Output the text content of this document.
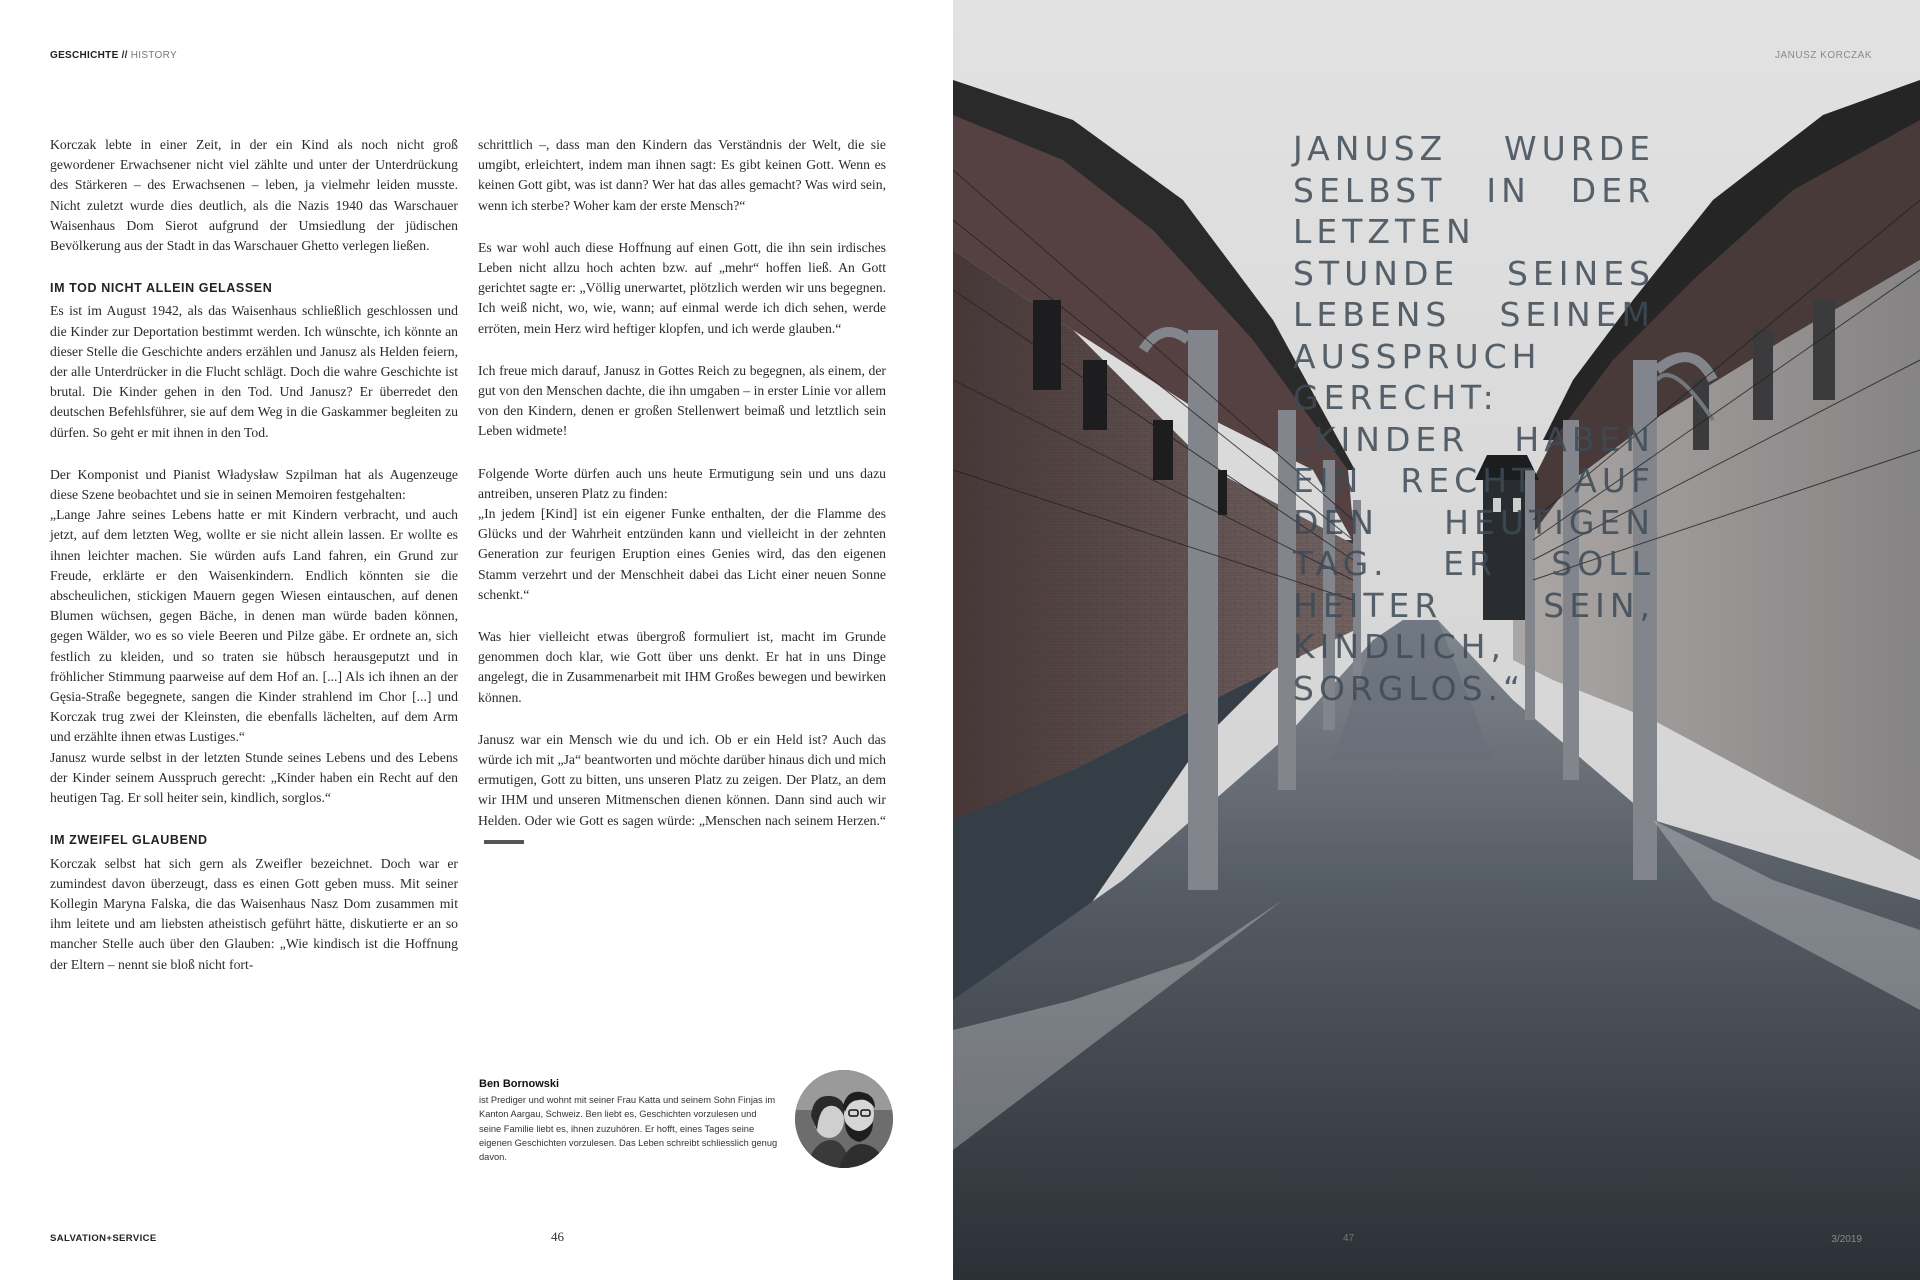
GESCHICHTE // HISTORY

Korczak lebte in einer Zeit, in der ein Kind als noch nicht groß gewordener Erwachsener nicht viel zählte und unter der Unterdrückung des Stärkeren – des Erwachsenen – leben, ja vielmehr leiden musste. Nicht zuletzt wurde dies deutlich, als die Nazis 1940 das Warschauer Waisenhaus Dom Sierot aufgrund der Umsiedlung der jüdischen Bevölkerung aus der Stadt in das Warschauer Ghetto verlegen ließen.

IM TOD NICHT ALLEIN GELASSEN

Es ist im August 1942, als das Waisenhaus schließlich geschlossen und die Kinder zur Deportation bestimmt werden. Ich wünschte, ich könnte an dieser Stelle die Geschichte anders erzählen und Janusz als Helden feiern, der alle Unterdrücker in die Flucht schlägt. Doch die wahre Geschichte ist brutal. Die Kinder gehen in den Tod. Und Janusz? Er überredet den deutschen Befehlsführer, sie auf dem Weg in die Gaskammer begleiten zu dürfen. So geht er mit ihnen in den Tod.

Der Komponist und Pianist Władysław Szpilman hat als Augenzeuge diese Szene beobachtet und sie in seinen Memoiren festgehalten:

„Lange Jahre seines Lebens hatte er mit Kindern verbracht, und auch jetzt, auf dem letzten Weg, wollte er sie nicht allein lassen. Er wollte es ihnen leichter machen. Sie würden aufs Land fahren, ein Grund zur Freude, erklärte er den Waisenkindern. Endlich könnten sie die abscheulichen, stickigen Mauern gegen Wiesen eintauschen, auf denen Blumen wüchsen, gegen Bäche, in denen man würde baden können, gegen Wälder, wo es so viele Beeren und Pilze gäbe. Er ordnete an, sich festlich zu kleiden, und so traten sie hübsch herausgeputzt und in fröhlicher Stimmung paarweise auf dem Hof an. [...] Als ich ihnen an der Gęsia-Straße begegnete, sangen die Kinder strahlend im Chor [...] und Korczak trug zwei der Kleinsten, die ebenfalls lächelten, auf dem Arm und erzählte ihnen etwas Lustiges.“

Janusz wurde selbst in der letzten Stunde seines Lebens und des Lebens der Kinder seinem Ausspruch gerecht: „Kinder haben ein Recht auf den heutigen Tag. Er soll heiter sein, kindlich, sorglos.“

IM ZWEIFEL GLAUBEND

Korczak selbst hat sich gern als Zweifler bezeichnet. Doch war er zumindest davon überzeugt, dass es einen Gott geben muss. Mit seiner Kollegin Maryna Falska, die das Waisenhaus Nasz Dom zusammen mit ihm leitete und am liebsten atheistisch geführt hätte, diskutierte er an so mancher Stelle auch über den Glauben: „Wie kindisch ist die Hoffnung der Eltern – nennt sie bloß nicht fort-

schrittlich –, dass man den Kindern das Verständnis der Welt, die sie umgibt, erleichtert, indem man ihnen sagt: Es gibt keinen Gott. Wenn es keinen Gott gibt, was ist dann? Wer hat das alles gemacht? Was wird sein, wenn ich sterbe? Woher kam der erste Mensch?“

Es war wohl auch diese Hoffnung auf einen Gott, die ihn sein irdisches Leben nicht allzu hoch achten bzw. auf „mehr“ hoffen ließ. An Gott gerichtet sagte er: „Völlig unerwartet, plötzlich werden wir uns begegnen. Ich weiß nicht, wo, wie, wann; auf einmal werde ich dich sehen, werde erröten, mein Herz wird heftiger klopfen, und ich werde glauben.“

Ich freue mich darauf, Janusz in Gottes Reich zu begegnen, als einem, der gut von den Menschen dachte, die ihn umgaben – in erster Linie vor allem von den Kindern, denen er großen Stellenwert beimaß und letztlich sein Leben widmete!

Folgende Worte dürfen auch uns heute Ermutigung sein und uns dazu antreiben, unseren Platz zu finden:

„In jedem [Kind] ist ein eigener Funke enthalten, der die Flamme des Glücks und der Wahrheit entzünden kann und vielleicht in der zehnten Generation zur feurigen Eruption eines Genies wird, das den eigenen Stamm verzehrt und der Menschheit dabei das Licht einer neuen Sonne schenkt.“

Was hier vielleicht etwas übergroß formuliert ist, macht im Grunde genommen doch klar, wie Gott über uns denkt. Er hat in uns Dinge angelegt, die in Zusammenarbeit mit IHM Großes bewegen und bewirken können.

Janusz war ein Mensch wie du und ich. Ob er ein Held ist? Auch das würde ich mit „Ja“ beantworten und möchte darüber hinaus dich und mich ermutigen, Gott zu bitten, uns unseren Platz zu zeigen. Der Platz, an dem wir IHM und unseren Mitmenschen dienen können. Dann sind auch wir Helden. Oder wie Gott es sagen würde: „Menschen nach seinem Herzen.“

Ben Bornowski
ist Prediger und wohnt mit seiner Frau Katta und seinem Sohn Finjas im Kanton Aargau, Schweiz. Ben liebt es, Geschichten vorzulesen und seine Familie liebt es, ihnen zuzuhören. Er hofft, eines Tages seine eigenen Geschichten vorzulesen. Das Leben schreibt schliesslich genug davon.
SALVATION+SERVICE	46
JANUSZ KORCZAK
JANUSZ WURDE SELBST IN DER LETZTEN STUNDE SEINES LEBENS SEINEM AUSSPRUCH GERECHT: „KINDER HABEN EIN RECHT AUF DEN HEUTIGEN TAG. ER SOLL HEITER SEIN, KINDLICH, SORGLOS.“
47	3/2019
